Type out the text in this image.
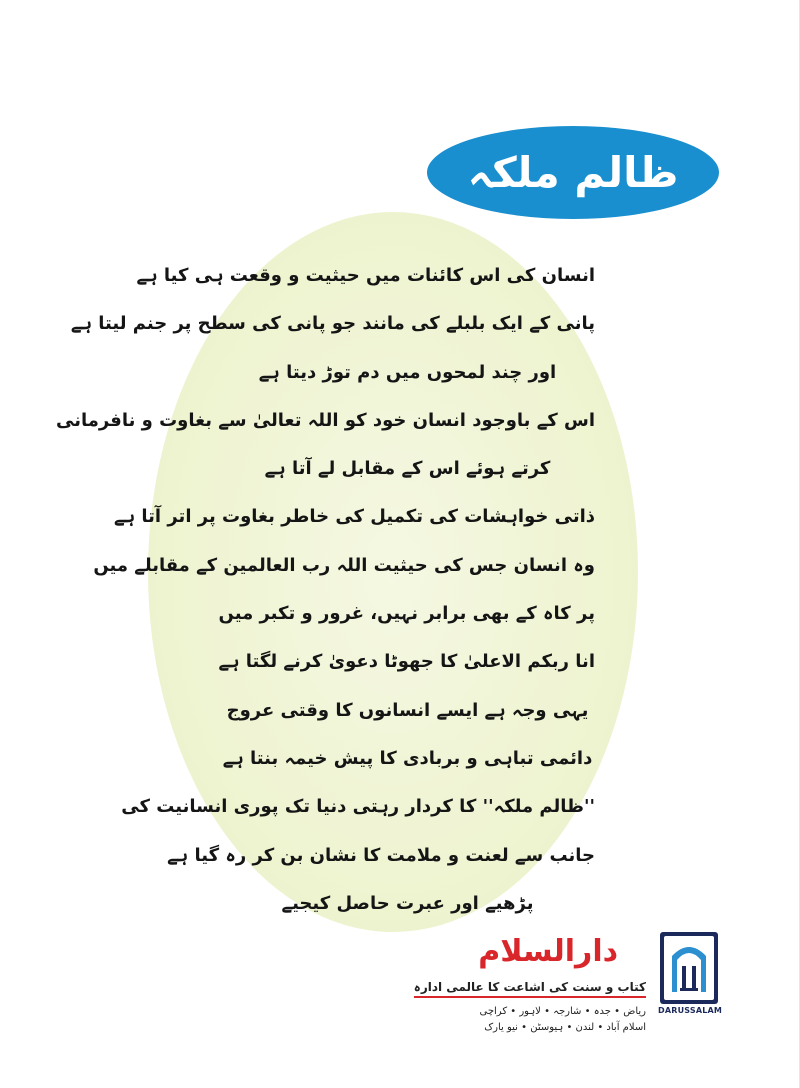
ظالم ملکہ
انسان کی اس کائنات میں حیثیت و وقعت ہی کیا ہے
پانی کے ایک بلبلے کی مانند جو پانی کی سطح پر جنم لیتا ہے
اور چند لمحوں میں دم توڑ دیتا ہے
اس کے باوجود انسان خود کو اللہ تعالیٰ سے بغاوت و نافرمانی
کرتے ہوئے اس کے مقابل لے آتا ہے
ذاتی خواہشات کی تکمیل کی خاطر بغاوت پر اتر آتا ہے
وہ انسان جس کی حیثیت اللہ رب العالمین کے مقابلے میں
پر کاہ کے بھی برابر نہیں، غرور و تکبر میں
انا ربکم الاعلیٰ کا جھوٹا دعویٰ کرنے لگتا ہے
یہی وجہ ہے ایسے انسانوں کا وقتی عروج
دائمی تباہی و بربادی کا پیش خیمہ بنتا ہے
''ظالم ملکہ'' کا کردار رہتی دنیا تک پوری انسانیت کی
جانب سے لعنت و ملامت کا نشان بن کر رہ گیا ہے
پڑھیے اور عبرت حاصل کیجیے
دارالسلام
کتاب و سنت کی اشاعت کا عالمی ادارہ
ریاض • جدہ • شارجہ • لاہور • کراچی
اسلام آباد • لندن • ہیوسٹن • نیو یارک
DARUSSALAM
